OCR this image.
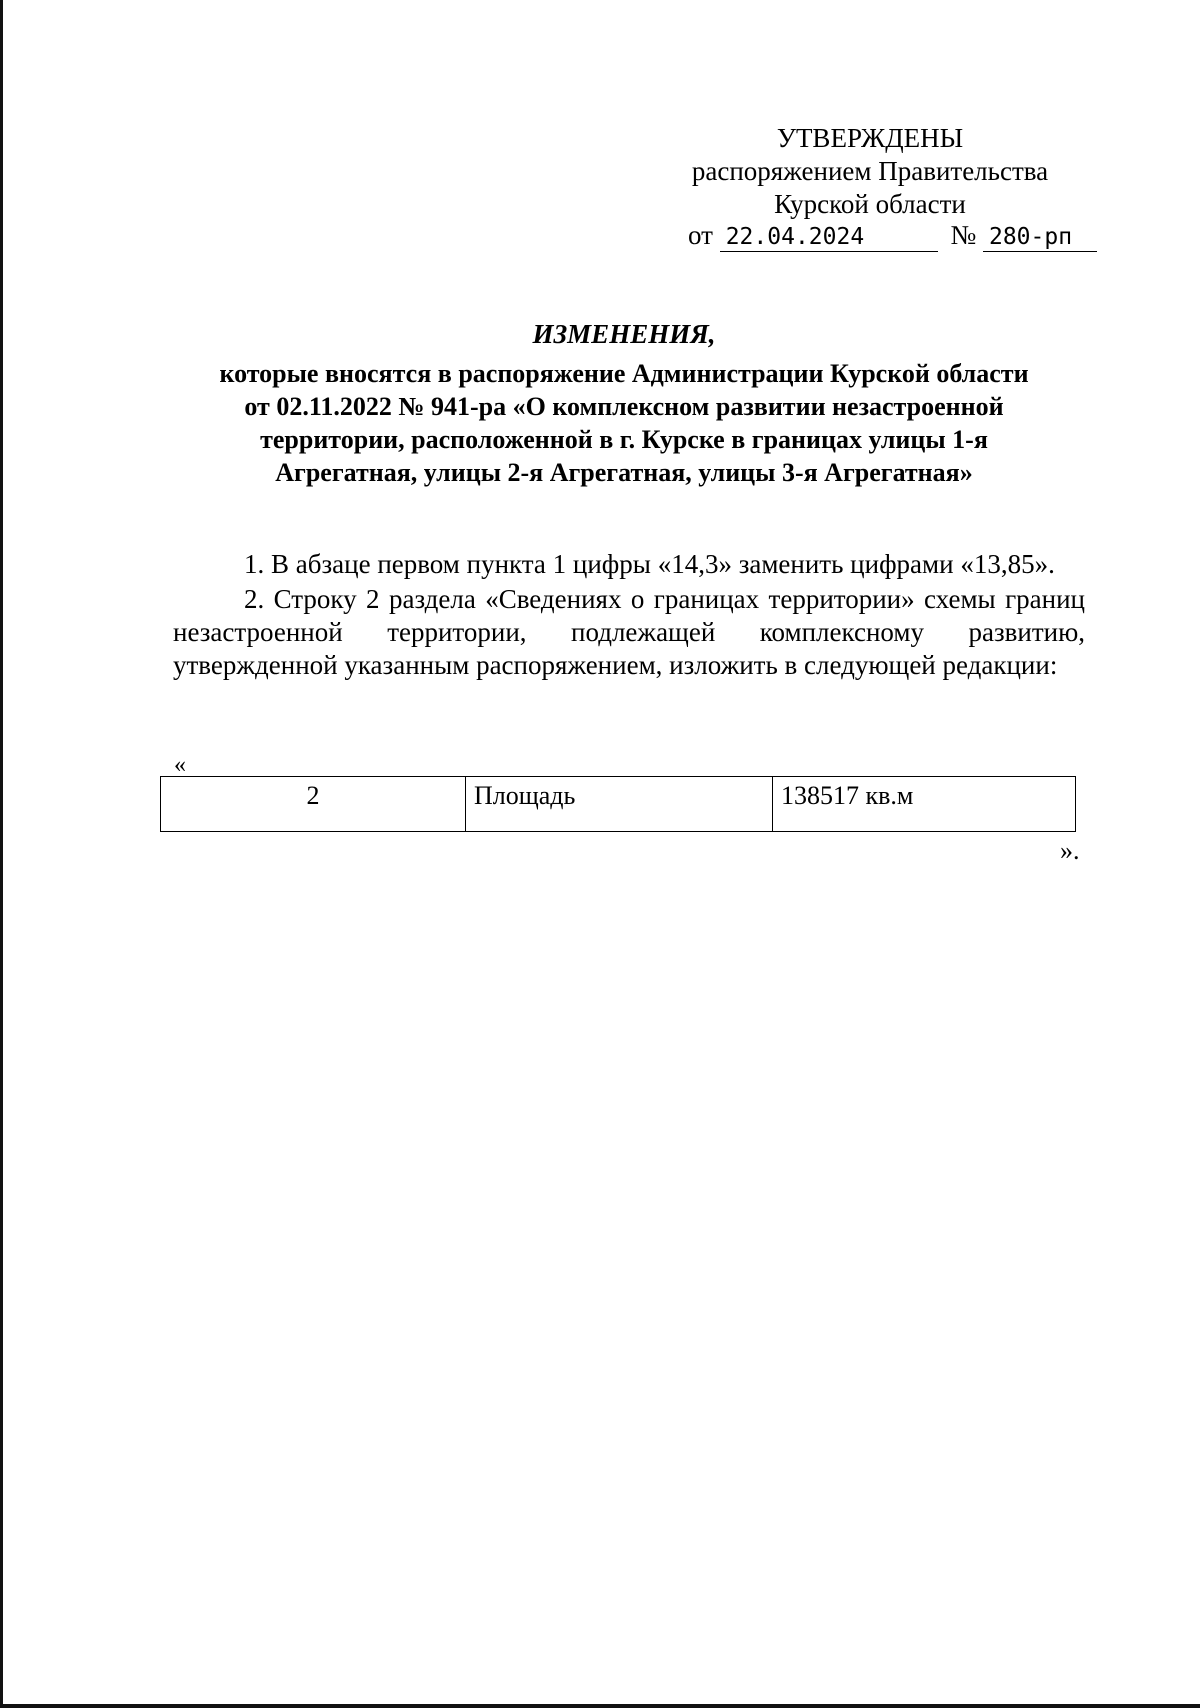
УТВЕРЖДЕНЫ
распоряжением Правительства
Курской области
от 22.04.2024	№ 280-рп
ИЗМЕНЕНИЯ,
которые вносятся в распоряжение Администрации Курской области
от 02.11.2022 № 941-ра «О комплексном развитии незастроенной
территории, расположенной в г. Курске в границах улицы 1-я
Агрегатная, улицы 2-я Агрегатная, улицы 3-я Агрегатная»

1. В абзаце первом пункта 1 цифры «14,3» заменить цифрами «13,85».

2. Строку 2 раздела «Сведениях о границах территории» схемы границ незастроенной территории, подлежащей комплексному развитию, утвержденной указанным распоряжением, изложить в следующей редакции:

«
2	Площадь	138517 кв.м
».
